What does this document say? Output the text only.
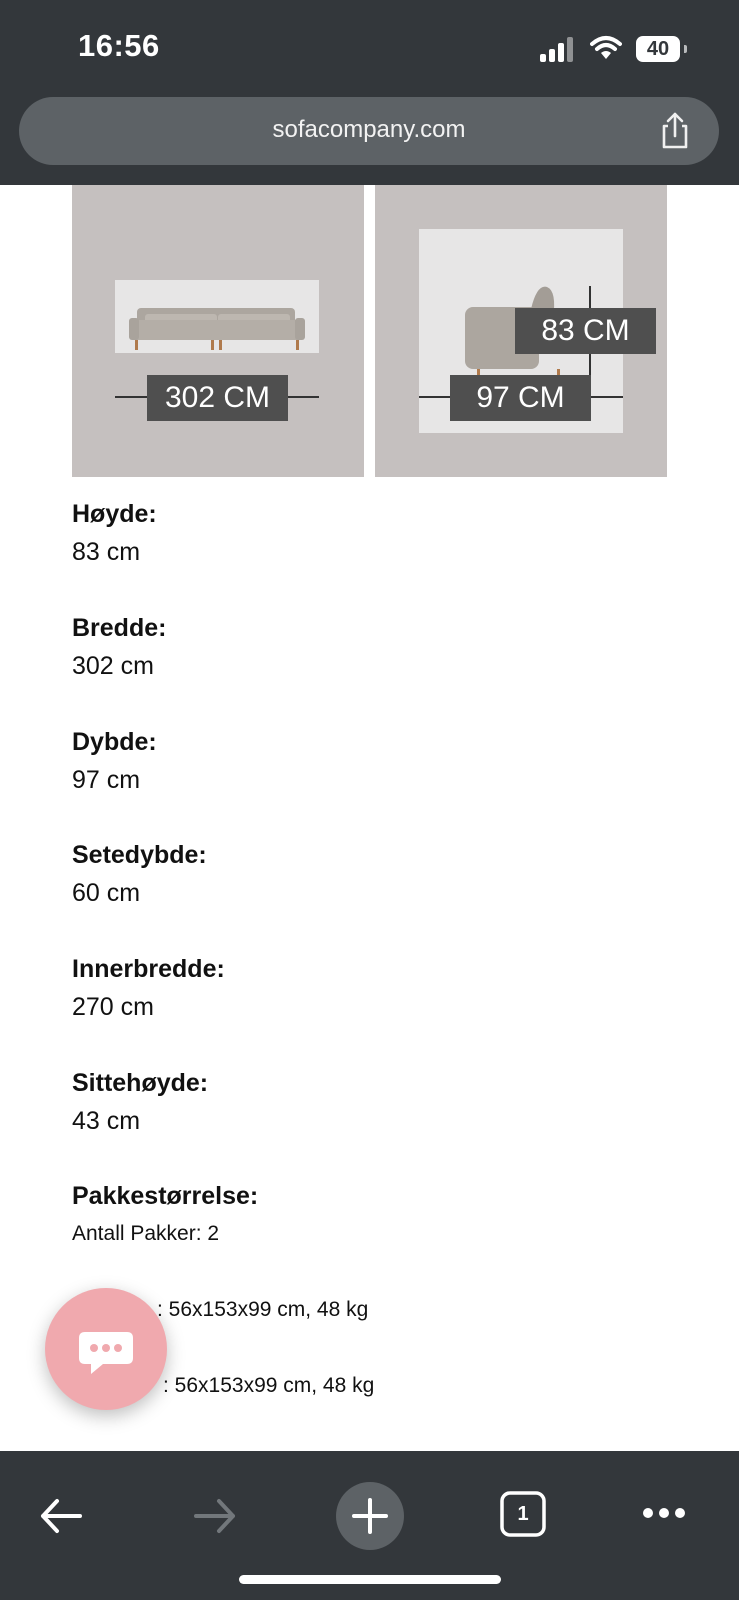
16:56	40
sofacompany.com
302 CM
83 CM
97 CM
Høyde:
83 cm
Bredde:
302 cm
Dybde:
97 cm
Setedybde:
60 cm
Innerbredde:
270 cm
Sittehøyde:
43 cm
Pakkestørrelse:
Antall Pakker: 2
: 56x153x99 cm, 48 kg
: 56x153x99 cm, 48 kg
1
